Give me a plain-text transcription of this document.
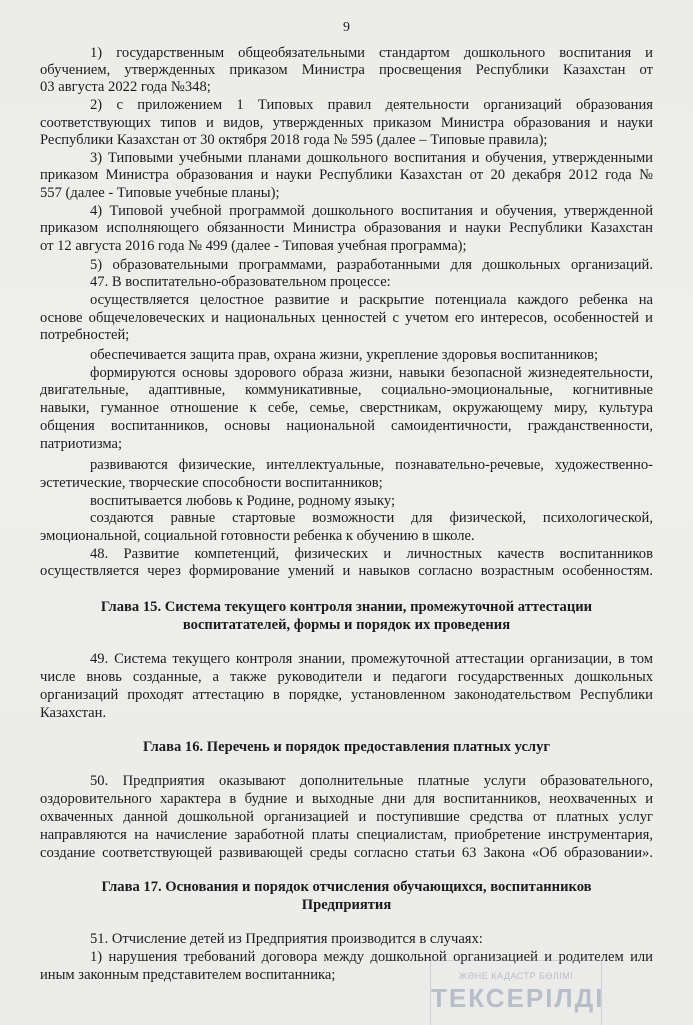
9
1) государственным общеобязательными стандартом дошкольного воспитания и
обучением, утвержденных приказом Министра просвещения Республики Казахстан от
03 августа 2022 года №348;
2) с приложением 1 Типовых правил деятельности организаций образования
соответствующих типов и видов, утвержденных приказом Министра образования и науки
Республики Казахстан от 30 октября 2018 года № 595 (далее – Типовые правила);
3) Типовыми учебными планами дошкольного воспитания и обучения, утвержденными
приказом Министра образования и науки Республики Казахстан от 20 декабря 2012 года №
557 (далее - Типовые учебные планы);
4) Типовой учебной программой дошкольного воспитания и обучения, утвержденной
приказом исполняющего обязанности Министра образования и науки Республики Казахстан
от 12 августа 2016 года № 499 (далее - Типовая учебная программа);
5) образовательными программами, разработанными для дошкольных организаций.
47. В воспитательно-образовательном процессе:
осуществляется целостное развитие и раскрытие потенциала каждого ребенка на
основе общечеловеческих и национальных ценностей с учетом его интересов, особенностей и
потребностей;
обеспечивается защита прав, охрана жизни, укрепление здоровья воспитанников;
формируются основы здорового образа жизни, навыки безопасной жизнедеятельности,
двигательные, адаптивные, коммуникативные, социально-эмоциональные, когнитивные
навыки, гуманное отношение к себе, семье, сверстникам, окружающему миру, культура
общения воспитанников, основы национальной самоидентичности, гражданственности,
патриотизма;
развиваются физические, интеллектуальные, познавательно-речевые, художественно-
эстетические, творческие способности воспитанников;
воспитывается любовь к Родине, родному языку;
создаются равные стартовые возможности для физической, психологической,
эмоциональной, социальной готовности ребенка к обучению в школе.
48. Развитие компетенций, физических и личностных качеств воспитанников
осуществляется через формирование умений и навыков согласно возрастным особенностям.
Глава 15. Система текущего контроля знании, промежуточной аттестации
воспитатателей, формы и порядок их проведения
49. Система текущего контроля знании, промежуточной аттестации организации, в том
числе вновь созданные, а также руководители и педагоги государственных дошкольных
организаций проходят аттестацию в порядке, установленном законодательством Республики
Казахстан.
Глава 16. Перечень и порядок предоставления платных услуг
50. Предприятия оказывают дополнительные платные услуги образовательного,
оздоровительного характера в будние и выходные дни для воспитанников, неохваченных и
охваченных данной дошкольной организацией и поступившие средства от платных услуг
направляются на начисление заработной платы специалистам, приобретение инструментария,
создание соответствующей развивающей среды согласно статьи 63 Закона «Об образовании».
Глава 17. Основания и порядок отчисления обучающихся, воспитанников
Предприятия
51. Отчисление детей из Предприятия производится в случаях:
1) нарушения требований договора между дошкольной организацией и родителем или
иным законным представителем воспитанника;	ЖӘНЕ КАДАСТР БӨЛІМІ
ТЕКСЕРІЛДІ
